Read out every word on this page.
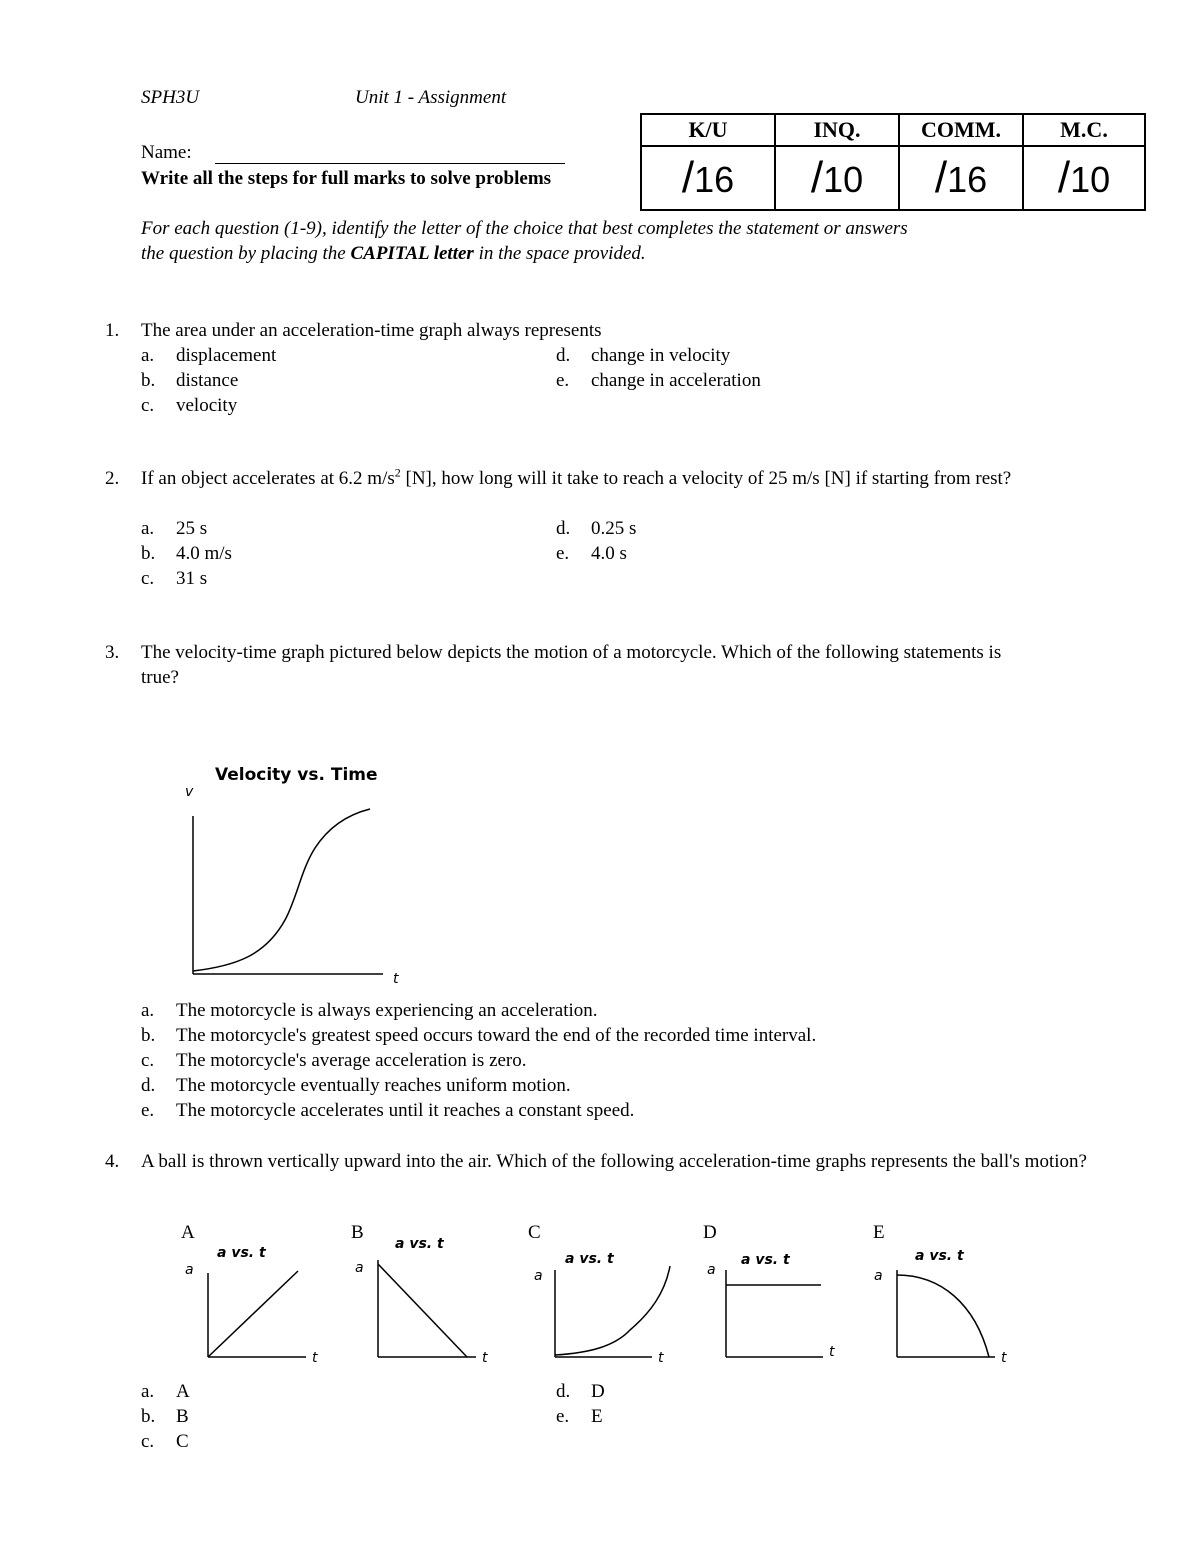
SPH3U	Unit 1 - Assignment
Name:
Write all the steps for full marks to solve problems
K/U	INQ.	COMM.	M.C.
/16	/10	/16	/10
For each question (1-9), identify the letter of the choice that best completes the statement or answers
the question by placing the CAPITAL letter in the space provided.
1. The area under an acceleration-time graph always represents
a. displacement
b. distance
c. velocity
d. change in velocity
e. change in acceleration
2. If an object accelerates at 6.2 $m/s^2$ [N], how long will it take to reach a velocity of 25 m/s [N] if starting from rest?
a. 25 s
b. 4.0 m/s
c. 31 s
d. 0.25 s
e. 4.0 s
3. The velocity-time graph pictured below depicts the motion of a motorcycle. Which of the following statements is true?
Velocity vs. Time
v
t
a. The motorcycle is always experiencing an acceleration.
b. The motorcycle's greatest speed occurs toward the end of the recorded time interval.
c. The motorcycle's average acceleration is zero.
d. The motorcycle eventually reaches uniform motion.
e. The motorcycle accelerates until it reaches a constant speed.
4. A ball is thrown vertically upward into the air. Which of the following acceleration-time graphs represents the ball's motion?
A
a vs. t
a
t
B
a vs. t
a
t
C
a vs. t
a
t
D
a vs. t
a
t
E
a vs. t
a
t
a. A
b. B
c. C
d. D
e. E
